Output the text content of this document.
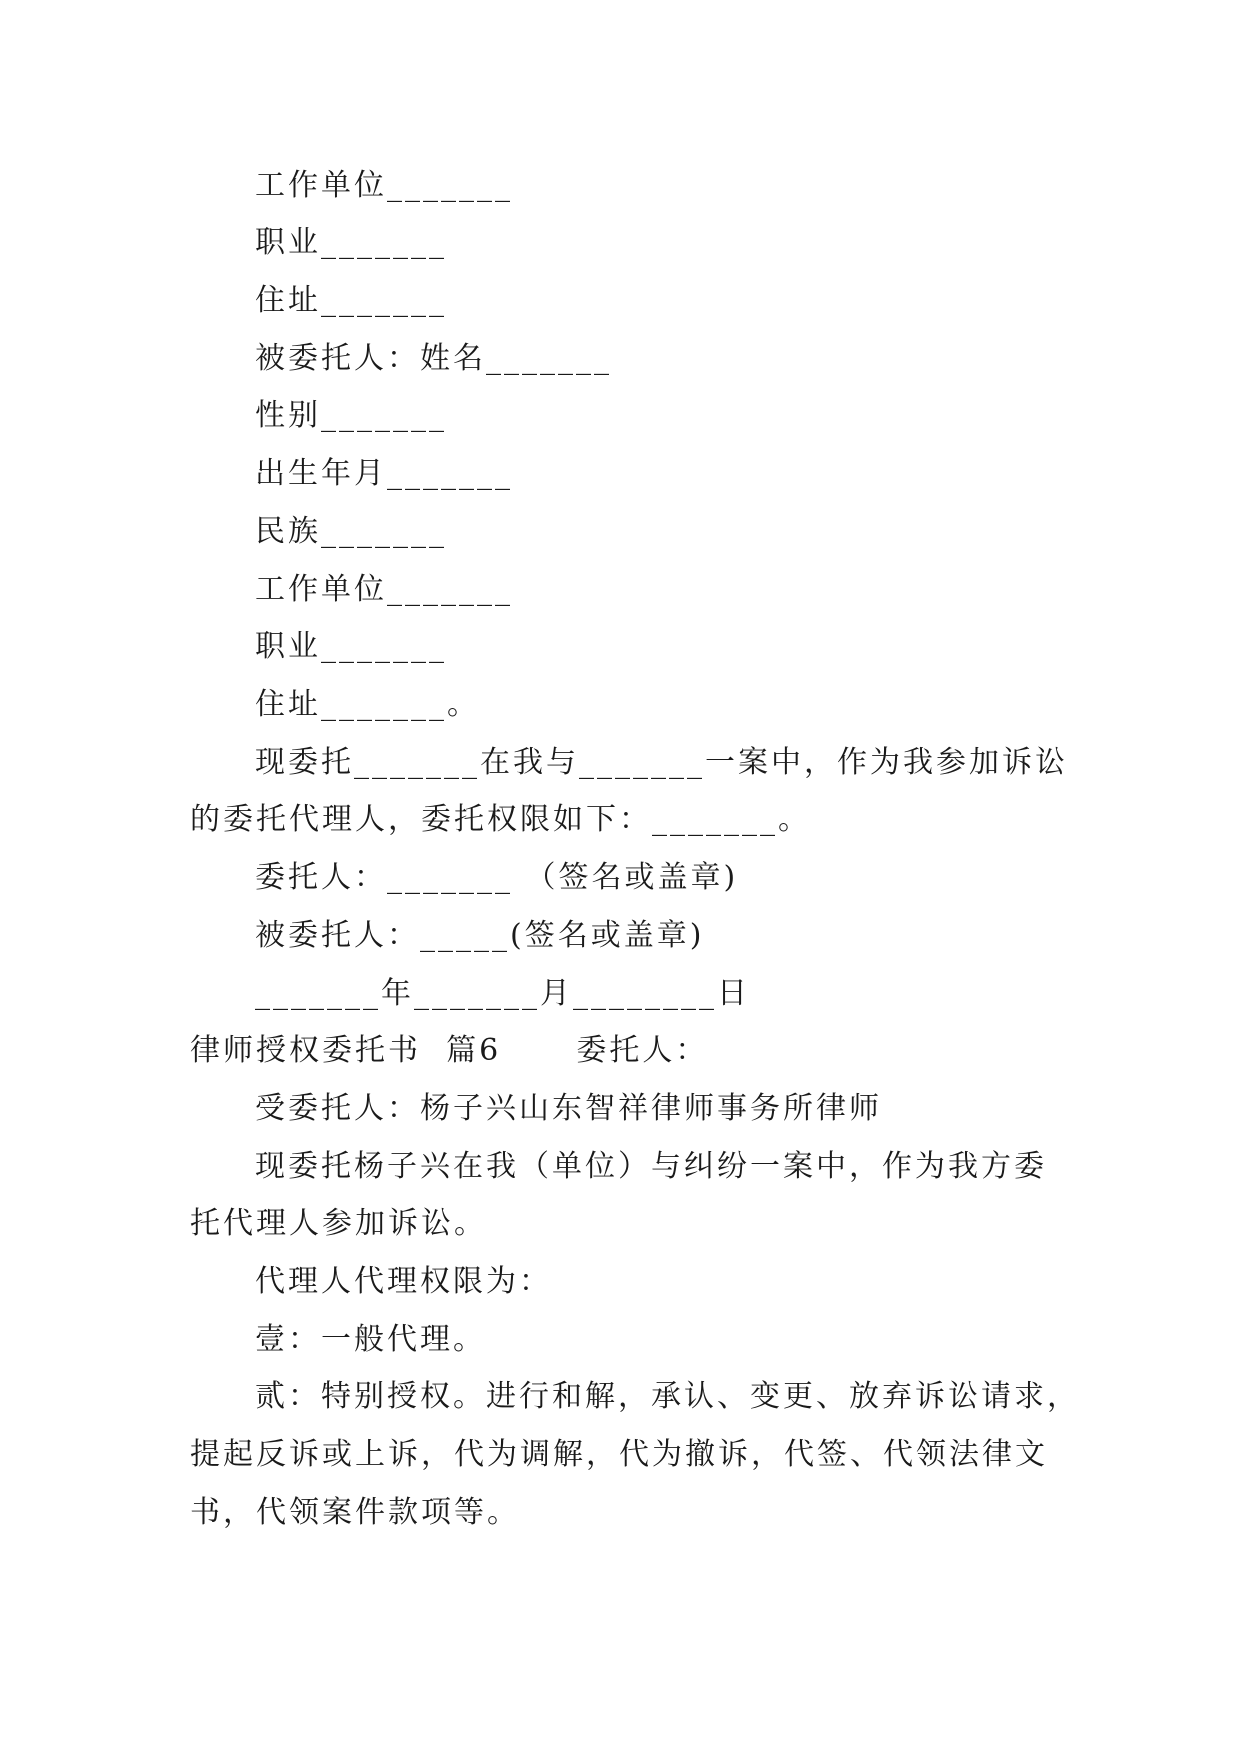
工作单位_______
职业_______
住址_______
被委托人：姓名_______
性别_______
出生年月_______
民族_______
工作单位_______
职业_______
住址_______。
现委托_______在我与_______一案中，作为我参加诉讼
的委托代理人，委托权限如下：_______。
委托人：_______ （签名或盖章)
被委托人：_____(签名或盖章)
_______年_______月________日
律师授权委托书  篇6      委托人：
受委托人：杨子兴山东智祥律师事务所律师
现委托杨子兴在我（单位）与纠纷一案中，作为我方委
托代理人参加诉讼。
代理人代理权限为：
壹：一般代理。
贰：特别授权。进行和解，承认、变更、放弃诉讼请求，
提起反诉或上诉，代为调解，代为撤诉，代签、代领法律文
书，代领案件款项等。
